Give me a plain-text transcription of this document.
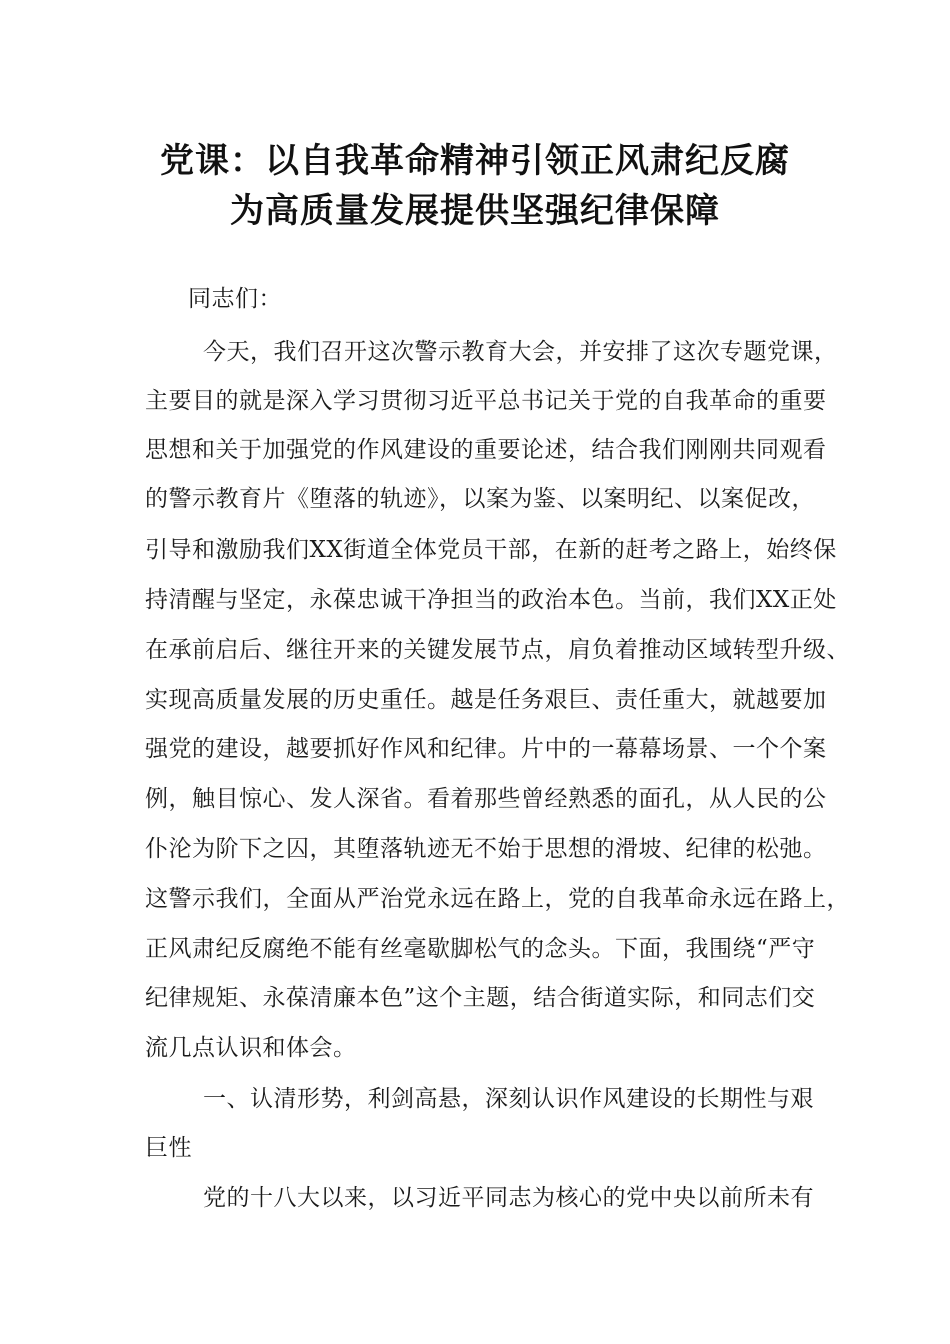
党课：以自我革命精神引领正风肃纪反腐
为高质量发展提供坚强纪律保障
同志们：
今天，我们召开这次警示教育大会，并安排了这次专题党课，
主要目的就是深入学习贯彻习近平总书记关于党的自我革命的重要
思想和关于加强党的作风建设的重要论述，结合我们刚刚共同观看
的警示教育片《堕落的轨迹》，以案为鉴、以案明纪、以案促改，
引导和激励我们XX街道全体党员干部，在新的赶考之路上，始终保
持清醒与坚定，永葆忠诚干净担当的政治本色。当前，我们XX正处
在承前启后、继往开来的关键发展节点，肩负着推动区域转型升级、
实现高质量发展的历史重任。越是任务艰巨、责任重大，就越要加
强党的建设，越要抓好作风和纪律。片中的一幕幕场景、一个个案
例，触目惊心、发人深省。看着那些曾经熟悉的面孔，从人民的公
仆沦为阶下之囚，其堕落轨迹无不始于思想的滑坡、纪律的松弛。
这警示我们，全面从严治党永远在路上，党的自我革命永远在路上，
正风肃纪反腐绝不能有丝毫歇脚松气的念头。下面，我围绕“严守
纪律规矩、永葆清廉本色”这个主题，结合街道实际，和同志们交
流几点认识和体会。
一、认清形势，利剑高悬，深刻认识作风建设的长期性与艰
巨性
党的十八大以来，以习近平同志为核心的党中央以前所未有
